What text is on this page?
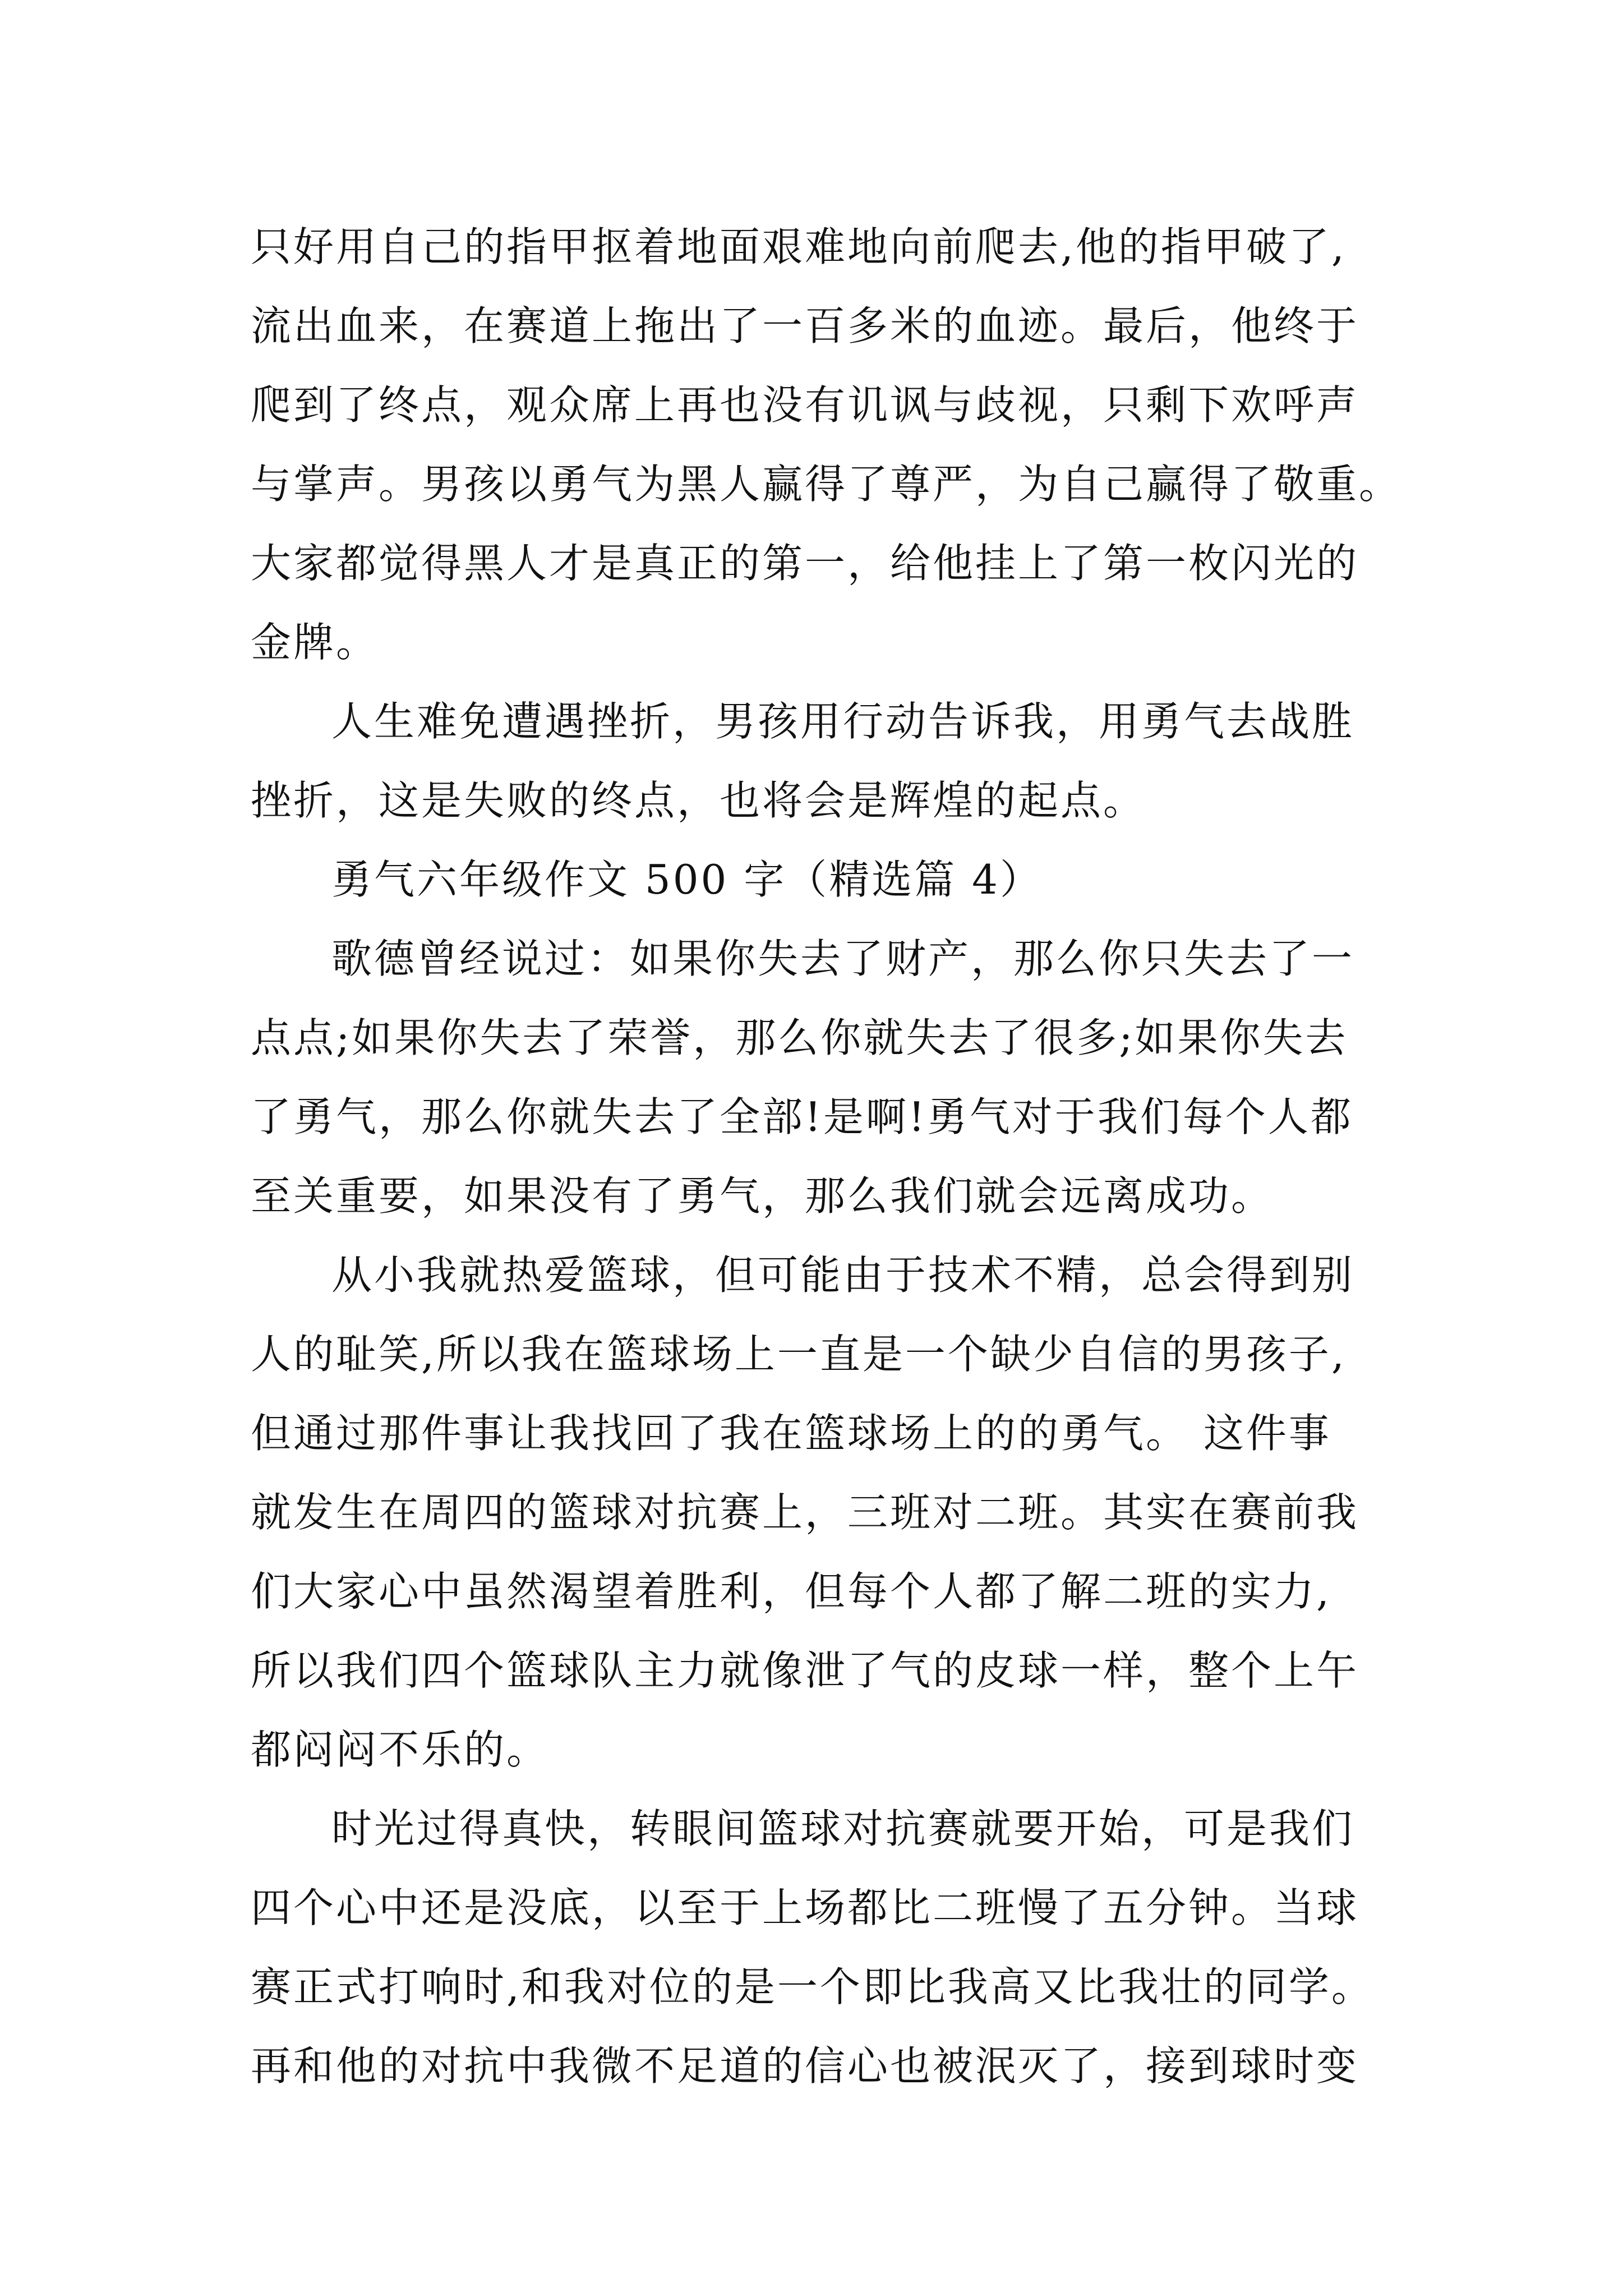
只好用自己的指甲抠着地面艰难地向前爬去,他的指甲破了,
流出血来，在赛道上拖出了一百多米的血迹。最后，他终于
爬到了终点，观众席上再也没有讥讽与歧视，只剩下欢呼声
与掌声。男孩以勇气为黑人赢得了尊严，为自己赢得了敬重。
大家都觉得黑人才是真正的第一，给他挂上了第一枚闪光的
金牌。
人生难免遭遇挫折，男孩用行动告诉我，用勇气去战胜
挫折，这是失败的终点，也将会是辉煌的起点。
勇气六年级作文 500 字（精选篇 4）
歌德曾经说过：如果你失去了财产，那么你只失去了一
点点;如果你失去了荣誉，那么你就失去了很多;如果你失去
了勇气，那么你就失去了全部!是啊!勇气对于我们每个人都
至关重要，如果没有了勇气，那么我们就会远离成功。
从小我就热爱篮球，但可能由于技术不精，总会得到别
人的耻笑,所以我在篮球场上一直是一个缺少自信的男孩子,
但通过那件事让我找回了我在篮球场上的的勇气。 这件事
就发生在周四的篮球对抗赛上，三班对二班。其实在赛前我
们大家心中虽然渴望着胜利，但每个人都了解二班的实力,
所以我们四个篮球队主力就像泄了气的皮球一样，整个上午
都闷闷不乐的。
时光过得真快，转眼间篮球对抗赛就要开始，可是我们
四个心中还是没底，以至于上场都比二班慢了五分钟。当球
赛正式打响时,和我对位的是一个即比我高又比我壮的同学。
再和他的对抗中我微不足道的信心也被泯灭了，接到球时变
